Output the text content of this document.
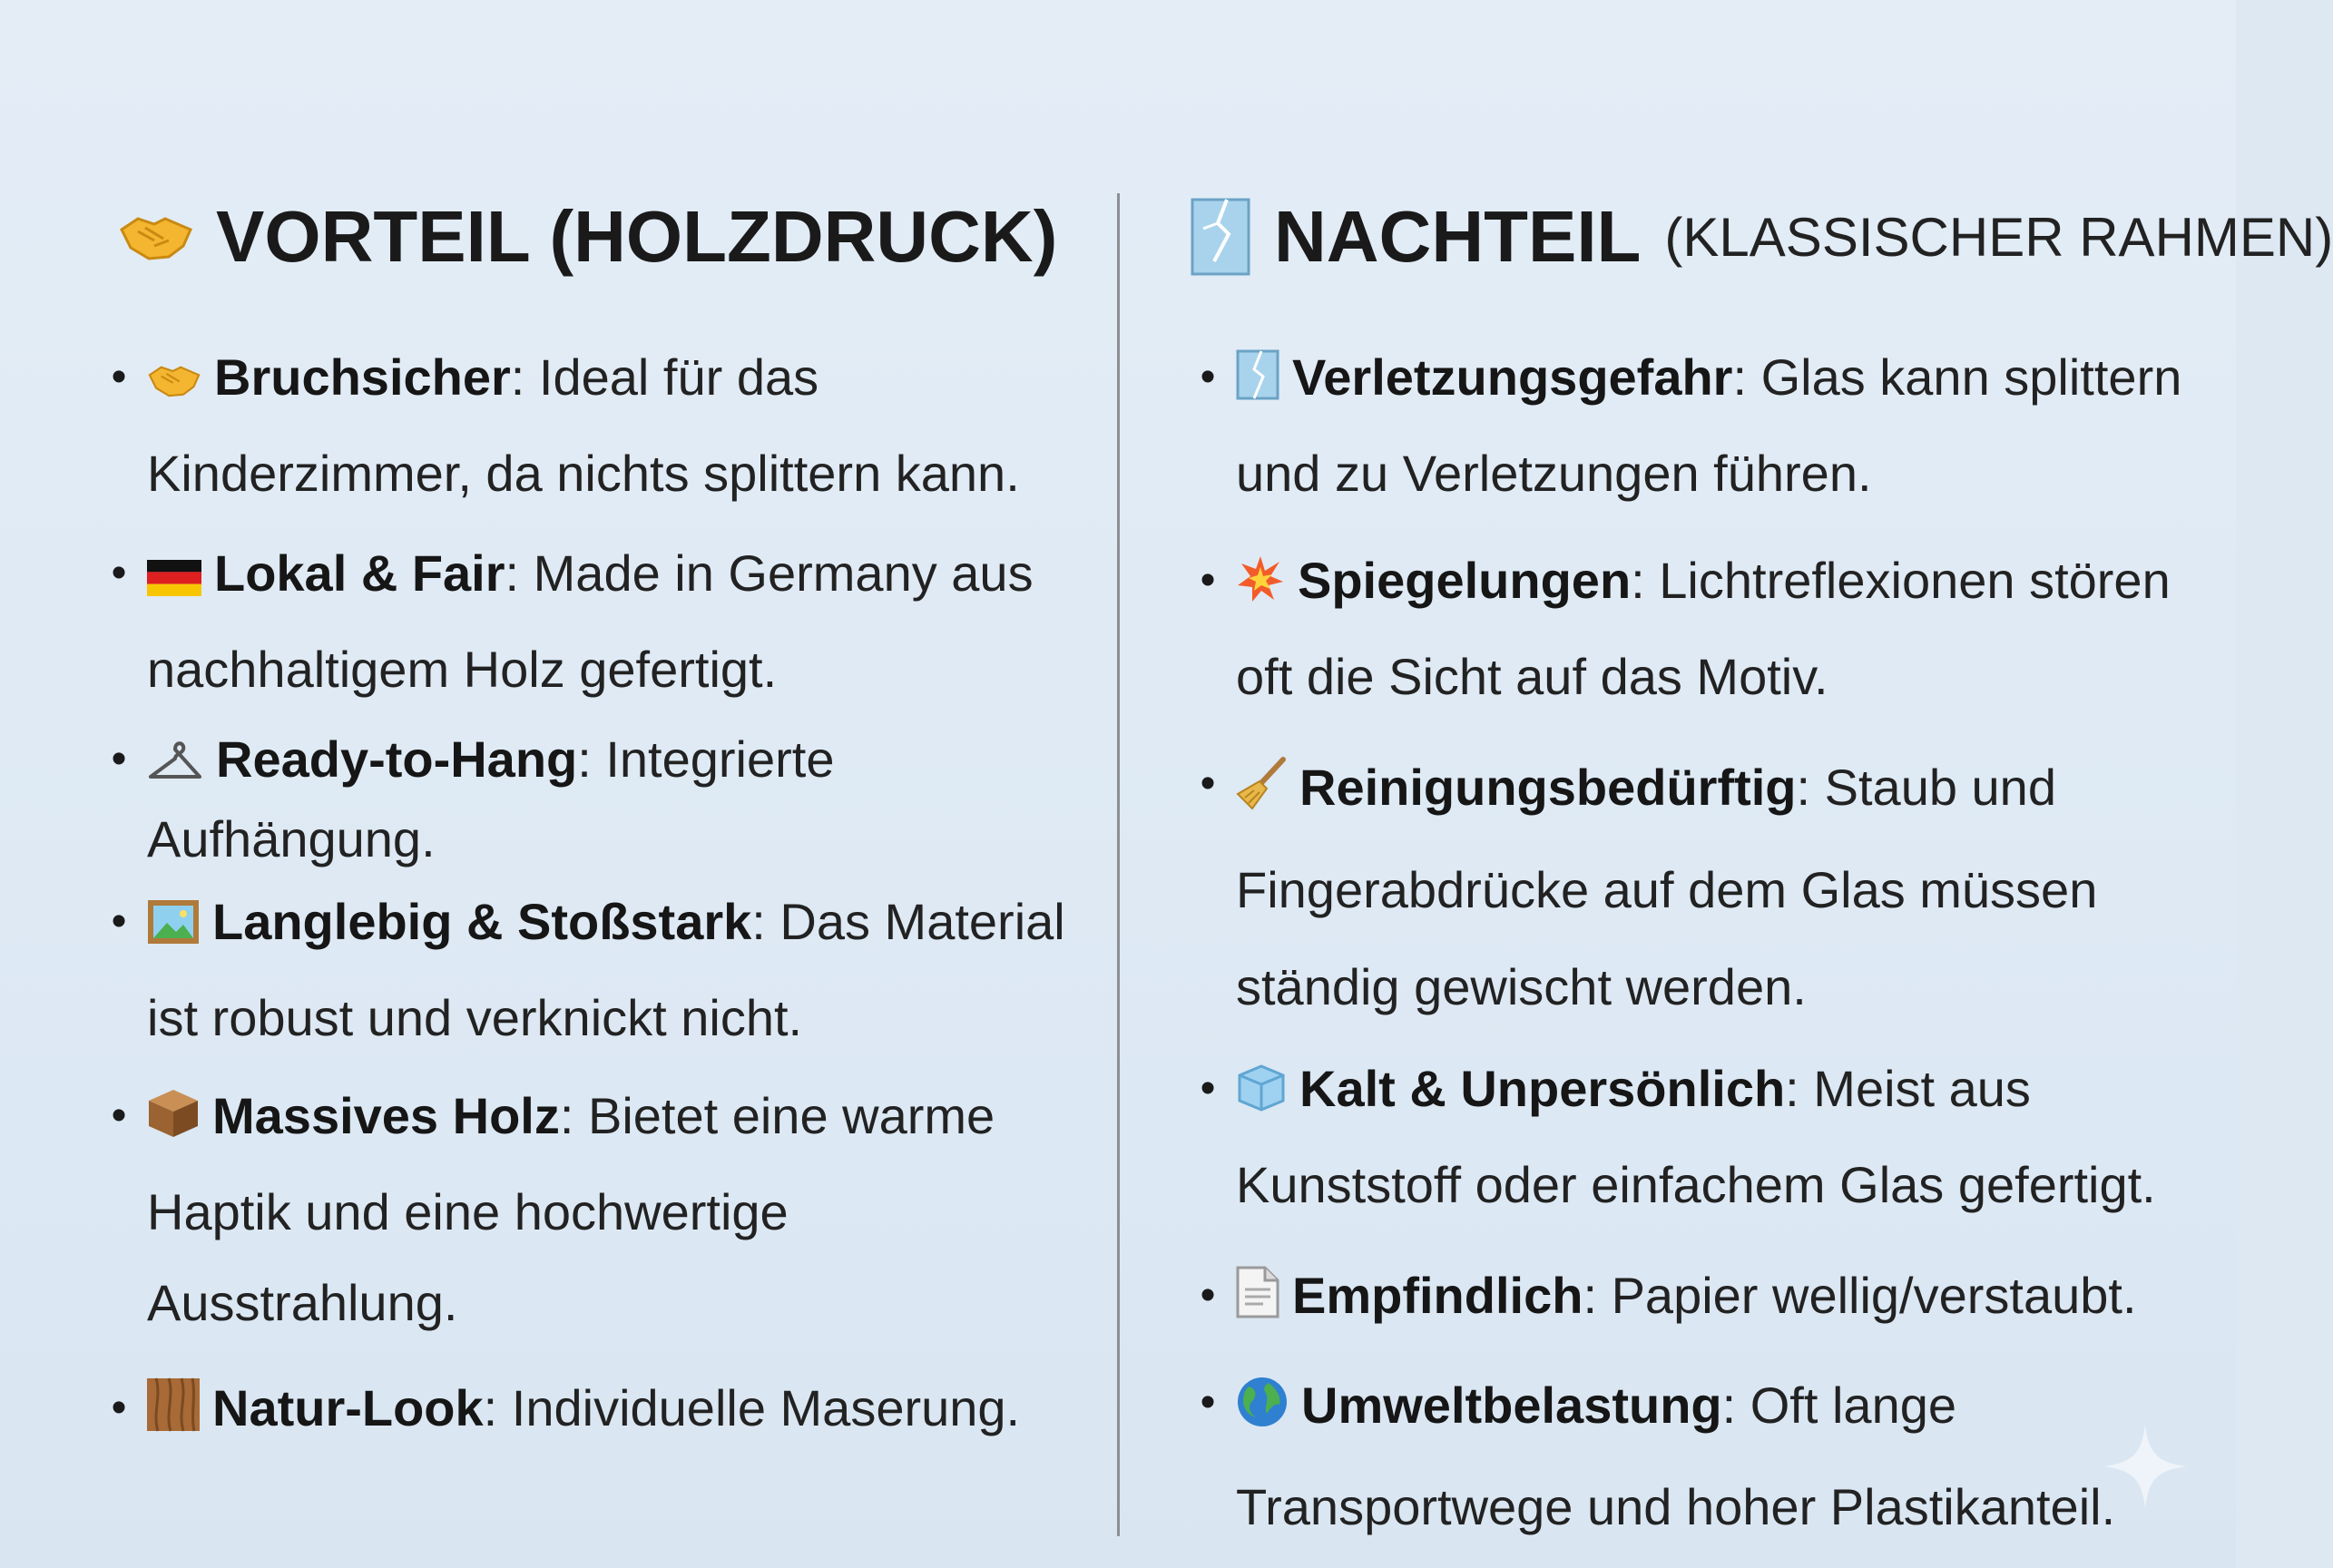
VORTEIL (HOLZDRUCK)
•	Bruchsicher: Ideal für das Kinderzimmer, da nichts splittern kann.
•	Lokal & Fair: Made in Germany aus nachhaltigem Holz gefertigt.
•	Ready-to-Hang: Integrierte Aufhängung.
•	Langlebig & Stoßstark: Das Material ist robust und verknickt nicht.
•	Massives Holz: Bietet eine warme Haptik und eine hochwertige Ausstrahlung.
•	Natur-Look: Individuelle Maserung.
NACHTEIL (KLASSISCHER RAHMEN)
•	Verletzungsgefahr: Glas kann splittern und zu Verletzungen führen.
•	Spiegelungen: Lichtreflexionen stören oft die Sicht auf das Motiv.
•	Reinigungsbedürftig: Staub und Fingerabdrücke auf dem Glas müssen ständig gewischt werden.
•	Kalt & Unpersönlich: Meist aus Kunststoff oder einfachem Glas gefertigt.
•	Empfindlich: Papier wellig/verstaubt.
•	Umweltbelastung: Oft lange Transportwege und hoher Plastikanteil.
